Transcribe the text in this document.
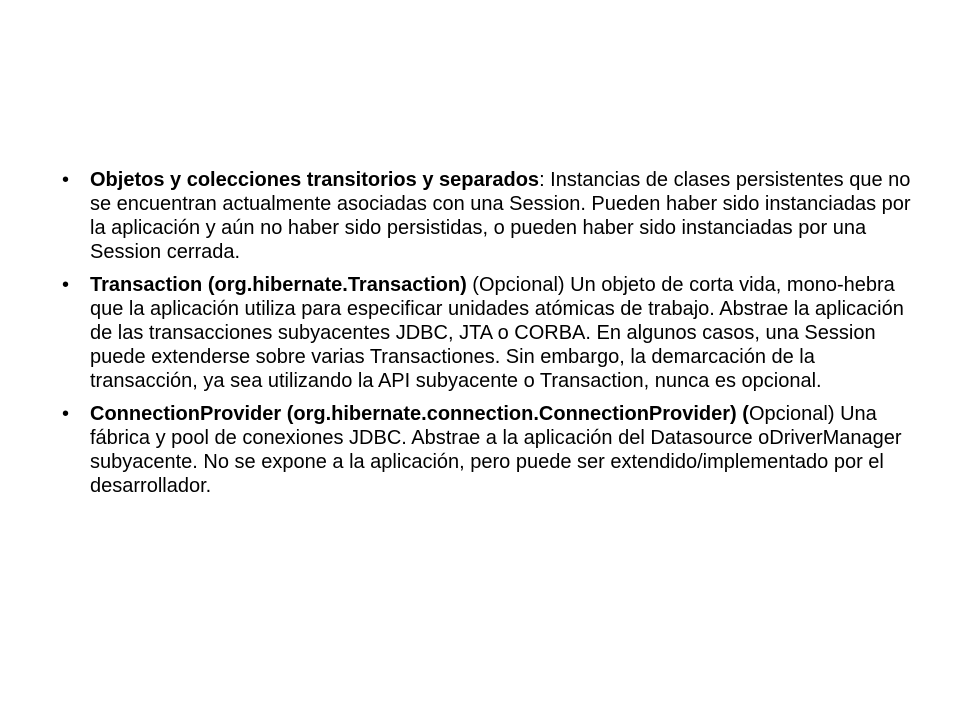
•	Objetos y colecciones transitorios y separados: Instancias de clases persistentes que no se encuentran actualmente asociadas con una Session. Pueden haber sido instanciadas por la aplicación y aún no haber sido persistidas, o pueden haber sido instanciadas por una Session cerrada.
•	Transaction (org.hibernate.Transaction) (Opcional) Un objeto de corta vida, mono-hebra que la aplicación utiliza para especificar unidades atómicas de trabajo. Abstrae la aplicación de las transacciones subyacentes JDBC, JTA o CORBA. En algunos casos, una Session puede extenderse sobre varias Transactiones. Sin embargo, la demarcación de la transacción, ya sea utilizando la API subyacente o Transaction, nunca es opcional.
•	ConnectionProvider (org.hibernate.connection.ConnectionProvider) (Opcional) Una fábrica y pool de conexiones JDBC. Abstrae a la aplicación del Datasource oDriverManager subyacente. No se expone a la aplicación, pero puede ser extendido/implementado por el desarrollador.
